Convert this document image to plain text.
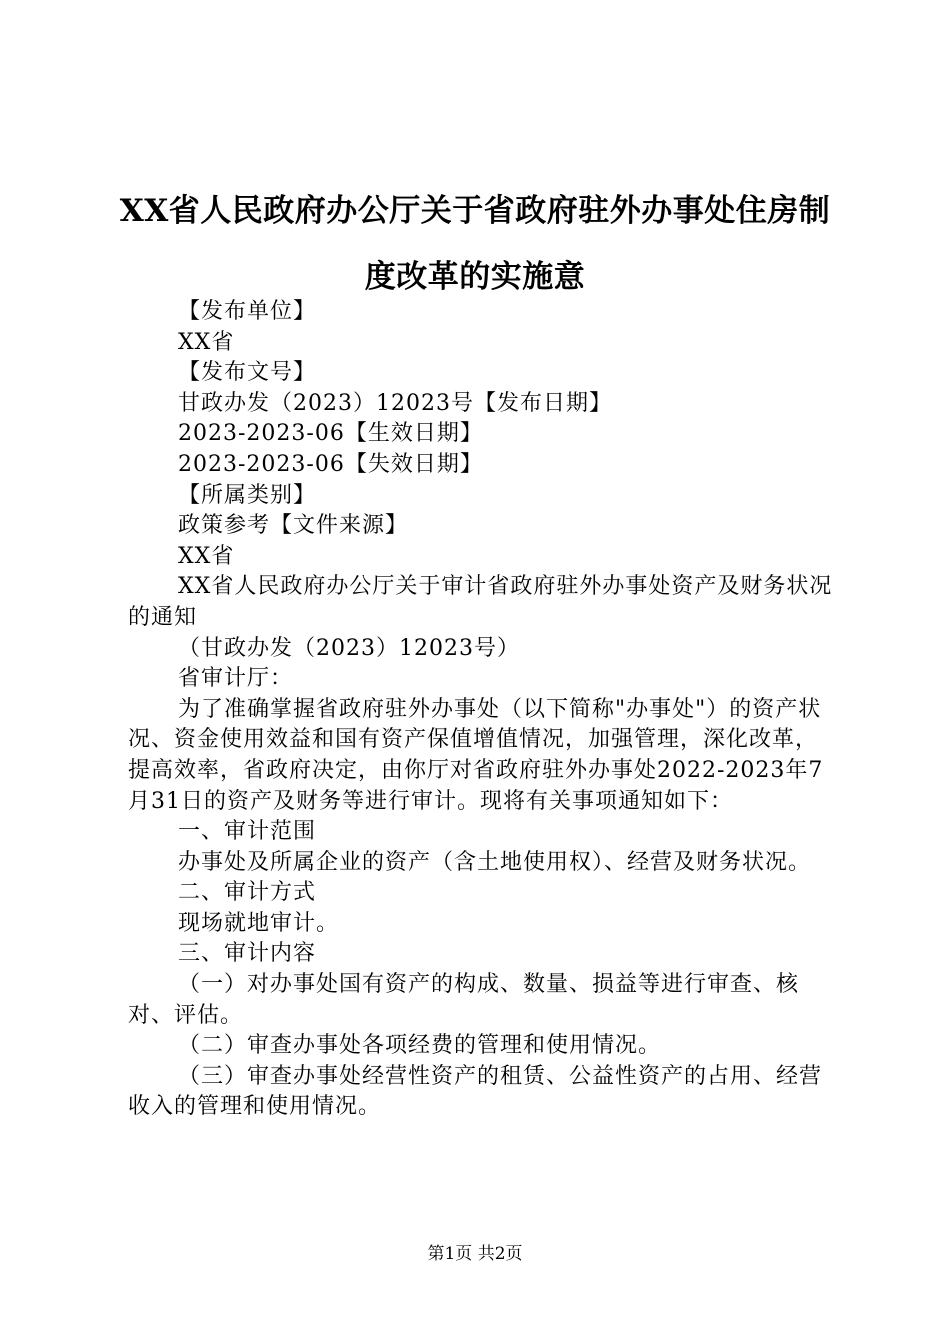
XX省人民政府办公厅关于省政府驻外办事处住房制度改革的实施意

【发布单位】

XX省

【发布文号】

甘政办发（2023）12023号【发布日期】

2023-2023-06【生效日期】

2023-2023-06【失效日期】

【所属类别】

政策参考【文件来源】

XX省

XX省人民政府办公厅关于审计省政府驻外办事处资产及财务状况的通知

（甘政办发（2023）12023号）

省审计厅：

为了准确掌握省政府驻外办事处（以下简称"办事处"）的资产状况、资金使用效益和国有资产保值增值情况，加强管理，深化改革，提高效率，省政府决定，由你厅对省政府驻外办事处2022-2023年7月31日的资产及财务等进行审计。现将有关事项通知如下：

一、审计范围

办事处及所属企业的资产（含土地使用权）、经营及财务状况。

二、审计方式

现场就地审计。

三、审计内容

（一）对办事处国有资产的构成、数量、损益等进行审查、核对、评估。

（二）审查办事处各项经费的管理和使用情况。

（三）审查办事处经营性资产的租赁、公益性资产的占用、经营收入的管理和使用情况。

第1页 共2页
